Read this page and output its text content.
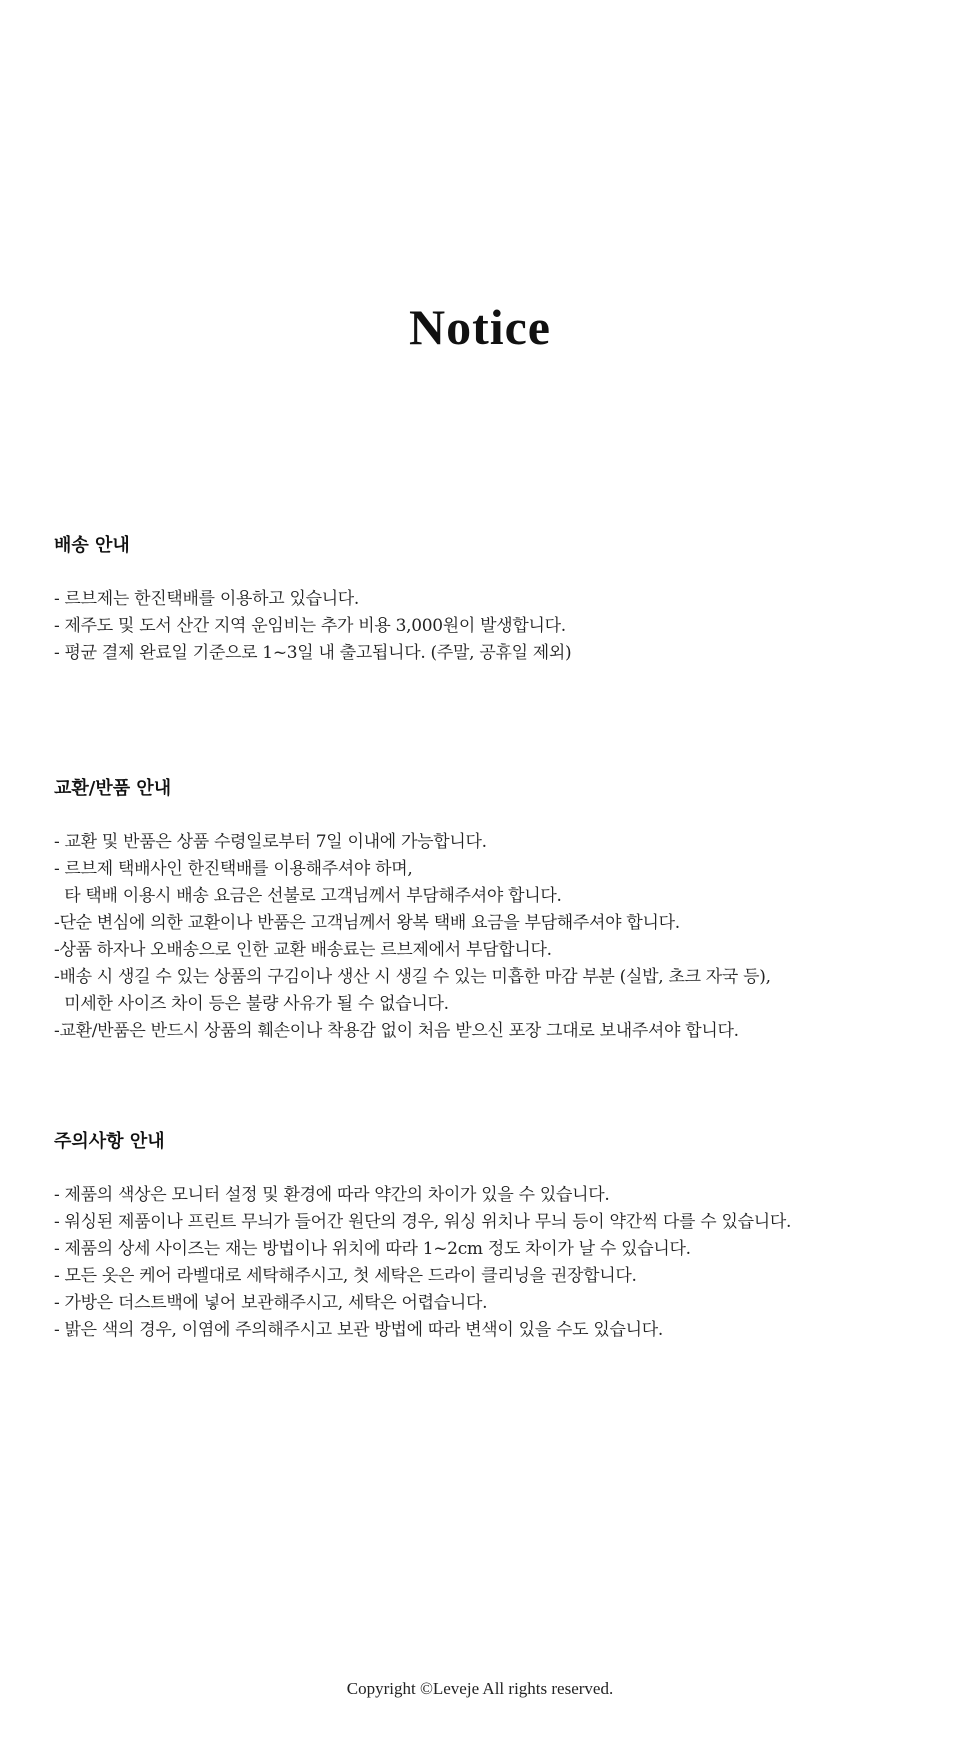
Notice
배송 안내
- 르브제는 한진택배를 이용하고 있습니다.
- 제주도 및 도서 산간 지역 운임비는 추가 비용 3,000원이 발생합니다.
- 평균 결제 완료일 기준으로 1~3일 내 출고됩니다. (주말, 공휴일 제외)
교환/반품 안내
- 교환 및 반품은 상품 수령일로부터 7일 이내에 가능합니다.
- 르브제 택배사인 한진택배를 이용해주셔야 하며,
타 택배 이용시 배송 요금은 선불로 고객님께서 부담해주셔야 합니다.
-단순 변심에 의한 교환이나 반품은 고객님께서 왕복 택배 요금을 부담해주셔야 합니다.
-상품 하자나 오배송으로 인한 교환 배송료는 르브제에서 부담합니다.
-배송 시 생길 수 있는 상품의 구김이나 생산 시 생길 수 있는 미흡한 마감 부분 (실밥, 초크 자국 등),
미세한 사이즈 차이 등은 불량 사유가 될 수 없습니다.
-교환/반품은 반드시 상품의 훼손이나 착용감 없이 처음 받으신 포장 그대로 보내주셔야 합니다.
주의사항 안내
- 제품의 색상은 모니터 설정 및 환경에 따라 약간의 차이가 있을 수 있습니다.
- 워싱된 제품이나 프린트 무늬가 들어간 원단의 경우, 워싱 위치나 무늬 등이 약간씩 다를 수 있습니다.
- 제품의 상세 사이즈는 재는 방법이나 위치에 따라 1~2cm 정도 차이가 날 수 있습니다.
- 모든 옷은 케어 라벨대로 세탁해주시고, 첫 세탁은 드라이 클리닝을 권장합니다.
- 가방은 더스트백에 넣어 보관해주시고, 세탁은 어렵습니다.
- 밝은 색의 경우, 이염에 주의해주시고 보관 방법에 따라 변색이 있을 수도 있습니다.
Copyright ©Leveje All rights reserved.
